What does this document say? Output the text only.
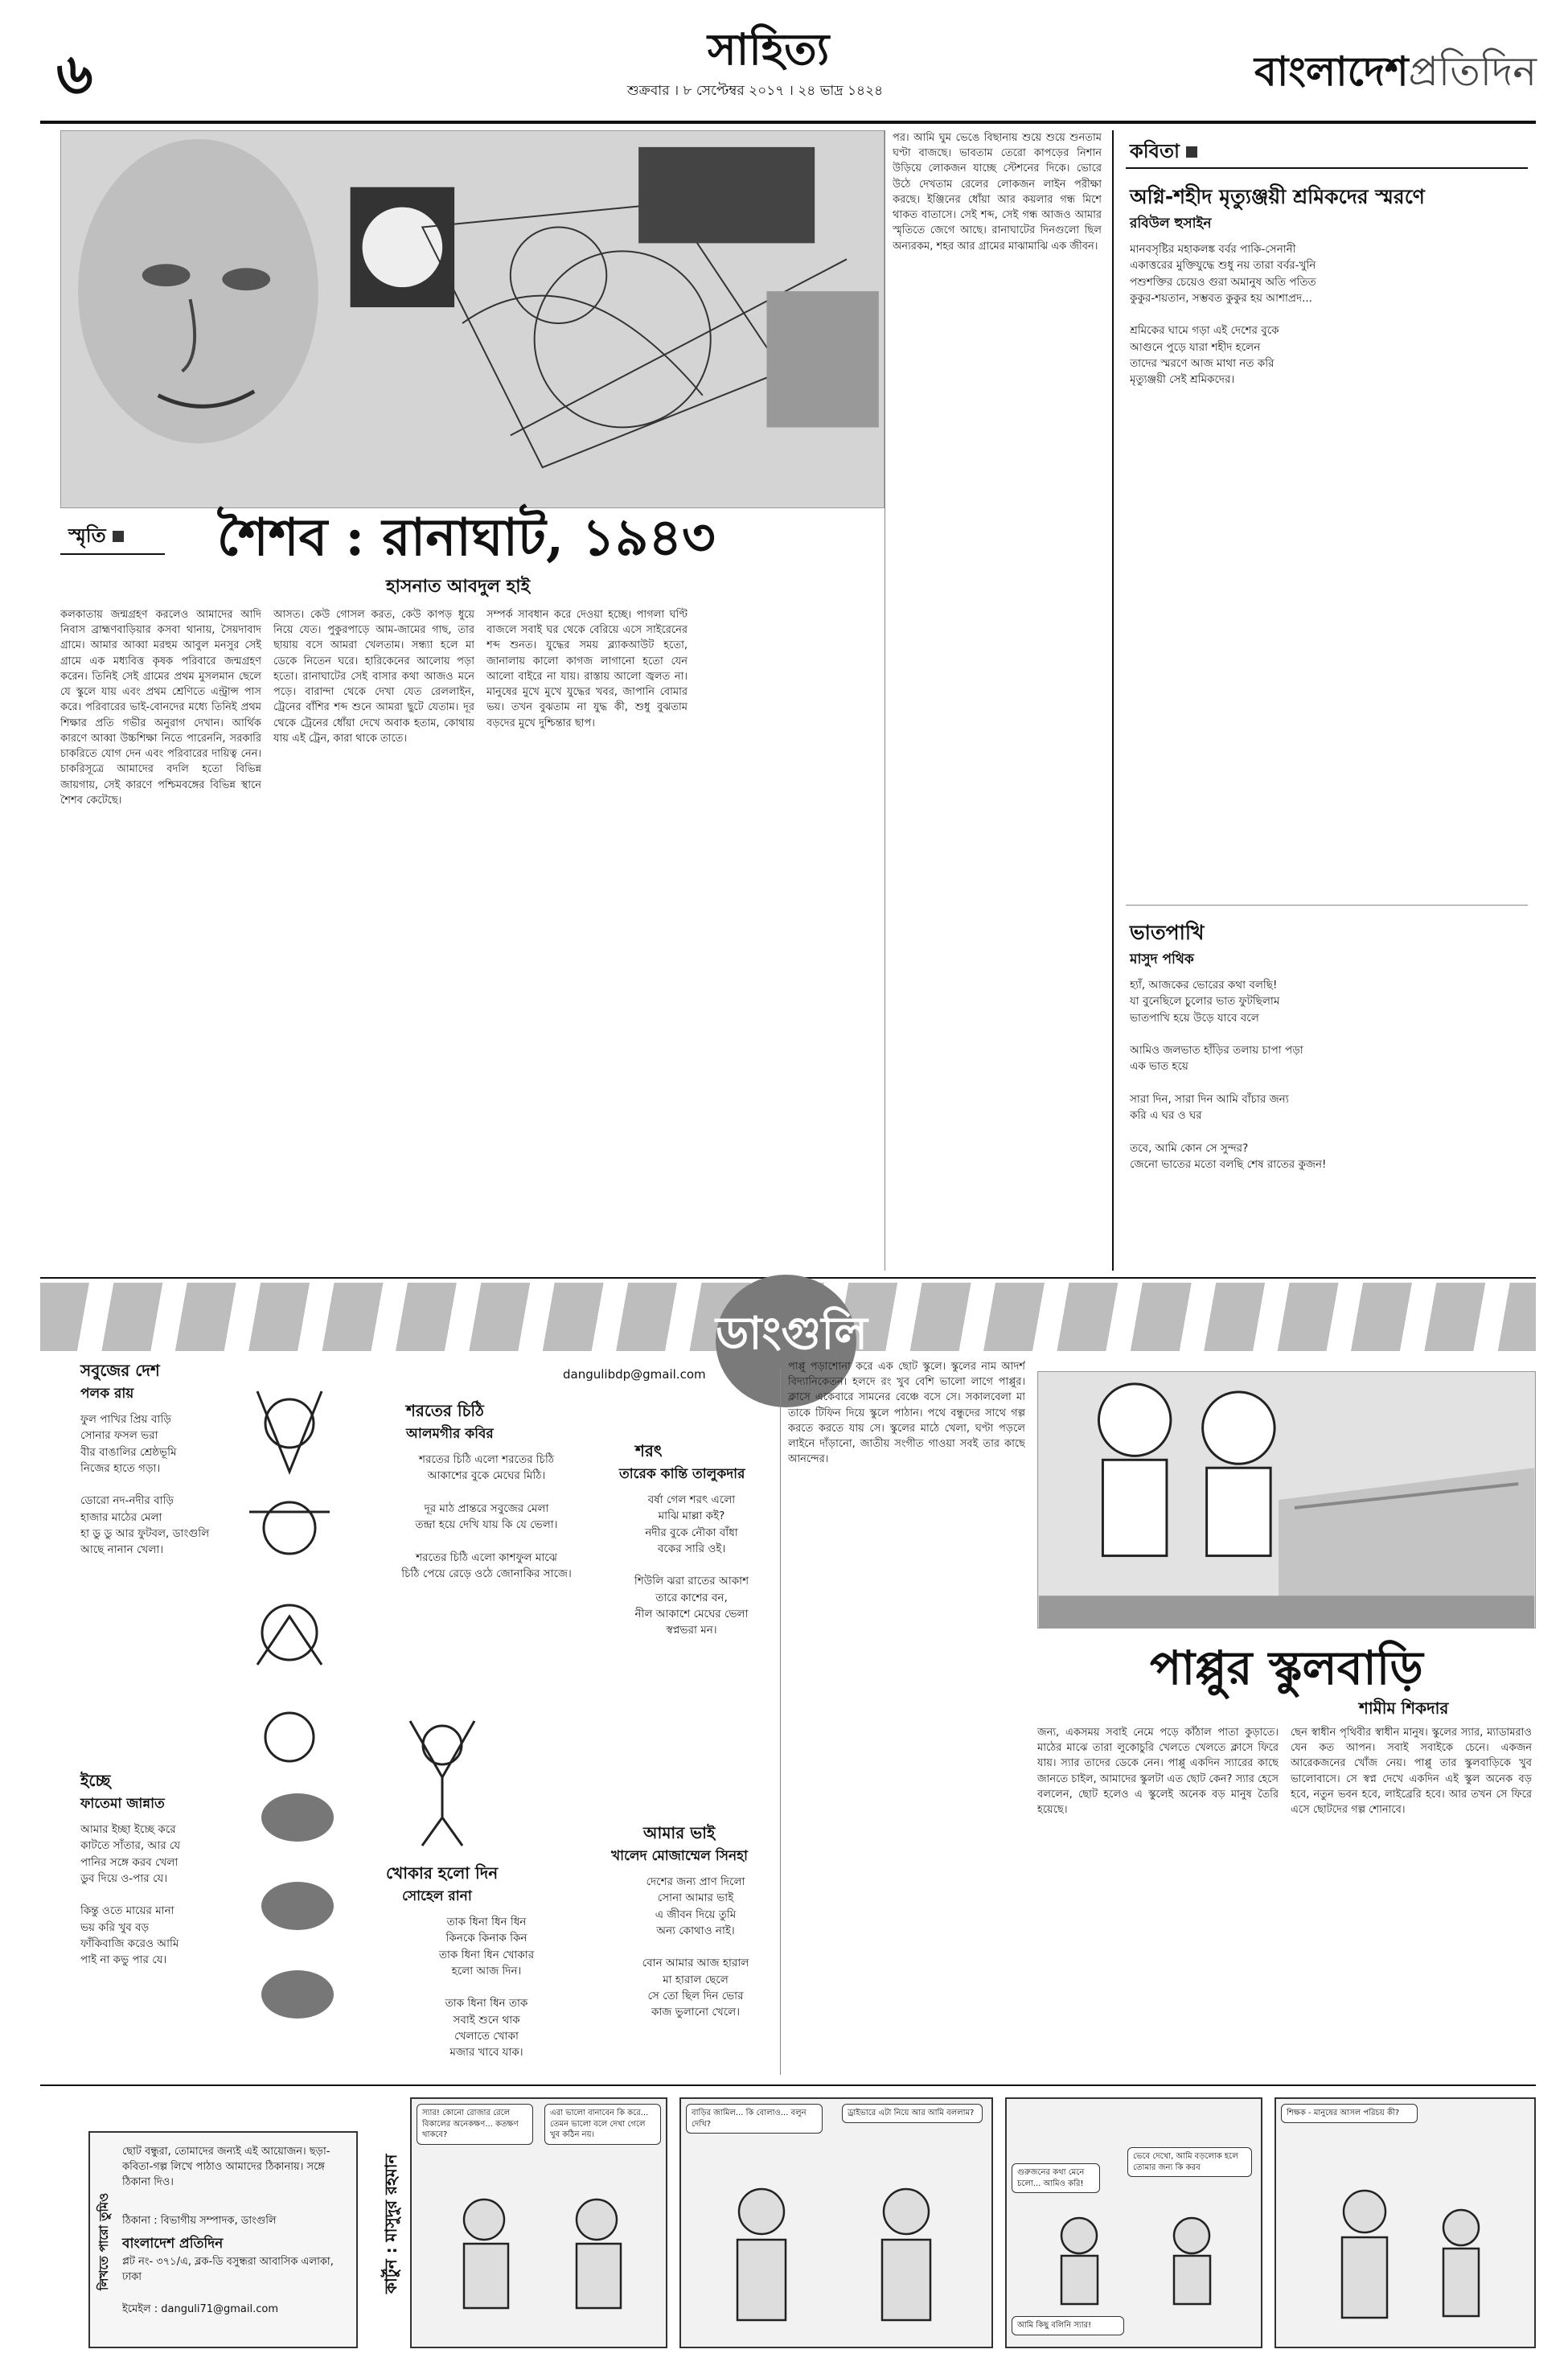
৬	সাহিত্য
শুক্রবার । ৮ সেপ্টেম্বর ২০১৭ । ২৪ ভাদ্র ১৪২৪	বাংলাদেশপ্রতিদিন
স্মৃতি	শৈশব : রানাঘাট, ১৯৪৩
হাসনাত আবদুল হাই
কলকাতায় জন্মগ্রহণ করলেও আমাদের আদি নিবাস ব্রাহ্মণবাড়িয়ার কসবা থানায়, সৈয়দাবাদ গ্রামে। আমার আব্বা মরহুম আবুল মনসুর সেই গ্রামে এক মধ্যবিত্ত কৃষক পরিবারে জন্মগ্রহণ করেন। তিনিই সেই গ্রামের প্রথম মুসলমান ছেলে যে স্কুলে যায় এবং প্রথম শ্রেণিতে এন্ট্রান্স পাস করে। পরিবারের ভাই-বোনদের মধ্যে তিনিই প্রথম শিক্ষার প্রতি গভীর অনুরাগ দেখান। আর্থিক কারণে আব্বা উচ্চশিক্ষা নিতে পারেননি, সরকারি চাকরিতে যোগ দেন এবং পরিবারের দায়িত্ব নেন। চাকরিসূত্রে আমাদের বদলি হতো বিভিন্ন জায়গায়, সেই কারণে পশ্চিমবঙ্গের বিভিন্ন স্থানে শৈশব কেটেছে।
আসত। কেউ গোসল করত, কেউ কাপড় ধুয়ে নিয়ে যেত। পুকুরপাড়ে আম-জামের গাছ, তার ছায়ায় বসে আমরা খেলতাম। সন্ধ্যা হলে মা ডেকে নিতেন ঘরে। হারিকেনের আলোয় পড়া হতো। রানাঘাটের সেই বাসার কথা আজও মনে পড়ে। বারান্দা থেকে দেখা যেত রেললাইন, ট্রেনের বাঁশির শব্দ শুনে আমরা ছুটে যেতাম। দূর থেকে ট্রেনের ধোঁয়া দেখে অবাক হতাম, কোথায় যায় এই ট্রেন, কারা থাকে তাতে।
সম্পর্ক সাবধান করে দেওয়া হচ্ছে। পাগলা ঘণ্টি বাজলে সবাই ঘর থেকে বেরিয়ে এসে সাইরেনের শব্দ শুনত। যুদ্ধের সময় ব্ল্যাকআউট হতো, জানালায় কালো কাগজ লাগানো হতো যেন আলো বাইরে না যায়। রাস্তায় আলো জ্বলত না। মানুষের মুখে মুখে যুদ্ধের খবর, জাপানি বোমার ভয়। তখন বুঝতাম না যুদ্ধ কী, শুধু বুঝতাম বড়দের মুখে দুশ্চিন্তার ছাপ।
পর। আমি ঘুম ভেঙে বিছানায় শুয়ে শুয়ে শুনতাম ঘণ্টা বাজছে। ভাবতাম তেরো কাপড়ের নিশান উড়িয়ে লোকজন যাচ্ছে স্টেশনের দিকে। ভোরে উঠে দেখতাম রেলের লোকজন লাইন পরীক্ষা করছে। ইঞ্জিনের ধোঁয়া আর কয়লার গন্ধ মিশে থাকত বাতাসে। সেই শব্দ, সেই গন্ধ আজও আমার স্মৃতিতে জেগে আছে। রানাঘাটের দিনগুলো ছিল অন্যরকম, শহর আর গ্রামের মাঝামাঝি এক জীবন।
কবিতা
অগ্নি-শহীদ মৃত্যুঞ্জয়ী শ্রমিকদের স্মরণে
রবিউল হুসাইন
মানবসৃষ্টির মহাকলঙ্ক বর্বর পাকি-সেনানী
একাত্তরের মুক্তিযুদ্ধে শুধু নয় তারা বর্বর-খুনি
পশুশক্তির চেয়েও গুরা অমানুষ অতি পতিত
কুকুর-শয়তান, সম্ভবত কুকুর হয় আশাপ্রদ...

শ্রমিকের ঘামে গড়া এই দেশের বুকে
আগুনে পুড়ে যারা শহীদ হলেন
তাদের স্মরণে আজ মাথা নত করি
মৃত্যুঞ্জয়ী সেই শ্রমিকদের।
ভাতপাখি
মাসুদ পথিক
হ্যাঁ, আজকের ভোরের কথা বলছি!
যা বুনেছিলে চুলোর ভাত ফুটছিলাম
ভাতপাখি হয়ে উড়ে যাবে বলে

আমিও জলভাত হাঁড়ির তলায় চাপা পড়া
এক ভাত হয়ে

সারা দিন, সারা দিন আমি বাঁচার জন্য
করি এ ঘর ও ঘর

তবে, আমি কোন সে সুন্দর?
জেনো ভাতের মতো বলছি শেষ রাতের কুজন!
ডাংগুলি
dangulibdp@gmail.com
সবুজের দেশ
পলক রায়
ফুল পাখির প্রিয় বাড়ি
সোনার ফসল ভরা
বীর বাঙালির শ্রেষ্ঠভূমি
নিজের হাতে গড়া।

ডোরো নদ-নদীর বাড়ি
হাজার মাঠের মেলা
হা ডু ডু আর ফুটবল, ডাংগুলি
আছে নানান খেলা।
ইচ্ছে
ফাতেমা জান্নাত
আমার ইচ্ছা ইচ্ছে করে
কাটতে সাঁতার, আর যে
পানির সঙ্গে করব খেলা
ডুব দিয়ে ও-পার যে।

কিন্তু ওতে মায়ের মানা
ভয় করি খুব বড়
ফাঁকিবাজি করেও আমি
পাই না কভু পার যে।
শরতের চিঠি
আলমগীর কবির
শরতের চিঠি এলো শরতের চিঠি
আকাশের বুকে মেঘের মিঠি।

দূর মাঠ প্রান্তরে সবুজের মেলা
তন্দ্রা হয়ে দেখি যায় কি যে ভেলা।

শরতের চিঠি এলো কাশফুল মাঝে
চিঠি পেয়ে রেড়ে ওঠে জোনাকির সাজে।
শরৎ
তারেক কান্তি তালুকদার
বর্ষা গেল শরৎ এলো
মাঝি মাল্লা কই?
নদীর বুকে নৌকা বাঁধা
বকের সারি ওই।

শিউলি ঝরা রাতের আকাশ
তারে কাশের বন,
নীল আকাশে মেঘের ভেলা
স্বপ্নভরা মন।
খোকার হলো দিন
সোহেল রানা
তাক ধিনা ধিন ধিন
কিনকে কিনাক কিন
তাক ধিনা ধিন খোকার
হলো আজ দিন।

তাক ধিনা ধিন তাক
সবাই শুনে থাক
খেলাতে খোকা
মজার খাবে যাক।
আমার ভাই
খালেদ মোজাম্মেল সিনহা
দেশের জন্য প্রাণ দিলো
সোনা আমার ভাই
এ জীবন দিয়ে তুমি
অন্য কোথাও নাই।

বোন আমার আজ হারাল
মা হারাল ছেলে
সে তো ছিল দিন ভোর
কাজ ভুলানো খেলে।
পাপ্পু পড়াশোনা করে এক ছোট স্কুলে। স্কুলের নাম আদর্শ বিদ্যানিকেতন। হলদে রং খুব বেশি ভালো লাগে পাপ্পুর। ক্লাসে একেবারে সামনের বেঞ্চে বসে সে। সকালবেলা মা তাকে টিফিন দিয়ে স্কুলে পাঠান। পথে বন্ধুদের সাথে গল্প করতে করতে যায় সে। স্কুলের মাঠে খেলা, ঘণ্টা পড়লে লাইনে দাঁড়ানো, জাতীয় সংগীত গাওয়া সবই তার কাছে আনন্দের।
পাপ্পুর স্কুলবাড়ি
শামীম শিকদার
জন্য, একসময় সবাই নেমে পড়ে কাঁঠাল পাতা কুড়াতে। মাঠের মাঝে তারা লুকোচুরি খেলতে খেলতে ক্লাসে ফিরে যায়। স্যার তাদের ডেকে নেন। পাপ্পু একদিন স্যারের কাছে জানতে চাইল, আমাদের স্কুলটা এত ছোট কেন? স্যার হেসে বললেন, ছোট হলেও এ স্কুলেই অনেক বড় মানুষ তৈরি হয়েছে।
ছেন স্বাধীন পৃথিবীর স্বাধীন মানুষ। স্কুলের স্যার, ম্যাডামরাও যেন কত আপন। সবাই সবাইকে চেনে। একজন আরেকজনের খোঁজ নেয়। পাপ্পু তার স্কুলবাড়িকে খুব ভালোবাসে। সে স্বপ্ন দেখে একদিন এই স্কুল অনেক বড় হবে, নতুন ভবন হবে, লাইব্রেরি হবে। আর তখন সে ফিরে এসে ছোটদের গল্প শোনাবে।
লিখতে পারো তুমিও
ছোট বন্ধুরা, তোমাদের জন্যই এই আয়োজন। ছড়া-কবিতা-গল্প লিখে পাঠাও আমাদের ঠিকানায়। সঙ্গে ঠিকানা দিও।
ঠিকানা : বিভাগীয় সম্পাদক, ডাংগুলি
বাংলাদেশ প্রতিদিন
প্লট নং- ৩৭১/এ, ব্লক-ডি বসুন্ধরা আবাসিক এলাকা, ঢাকা
ইমেইল : danguli71@gmail.com
কার্টুন : মাসুদুর রহমান
স্যার! কোনো রোজার রেলে বিকালের অনেকক্ষণ... কতক্ষণ থাকবে?
এরা ভালো বানাবেন কি করে... তেমন ভালো বলে দেখা গেলে খুব কঠিন নয়।
বাড়ির জামিল... কি বোলাও... বলুন দেখি?
ড্রাইভারে এটা নিয়ে আর আমি বললাম?
ভেবে দেখো, আমি বড়লোক হলে তোমার জন্য কি করব
গুরুজনের কথা মেনে চলো... আমিও করি!
আমি কিছু বলিনি স্যার!
শিক্ষক - মানুষের আসল পরিচয় কী?
